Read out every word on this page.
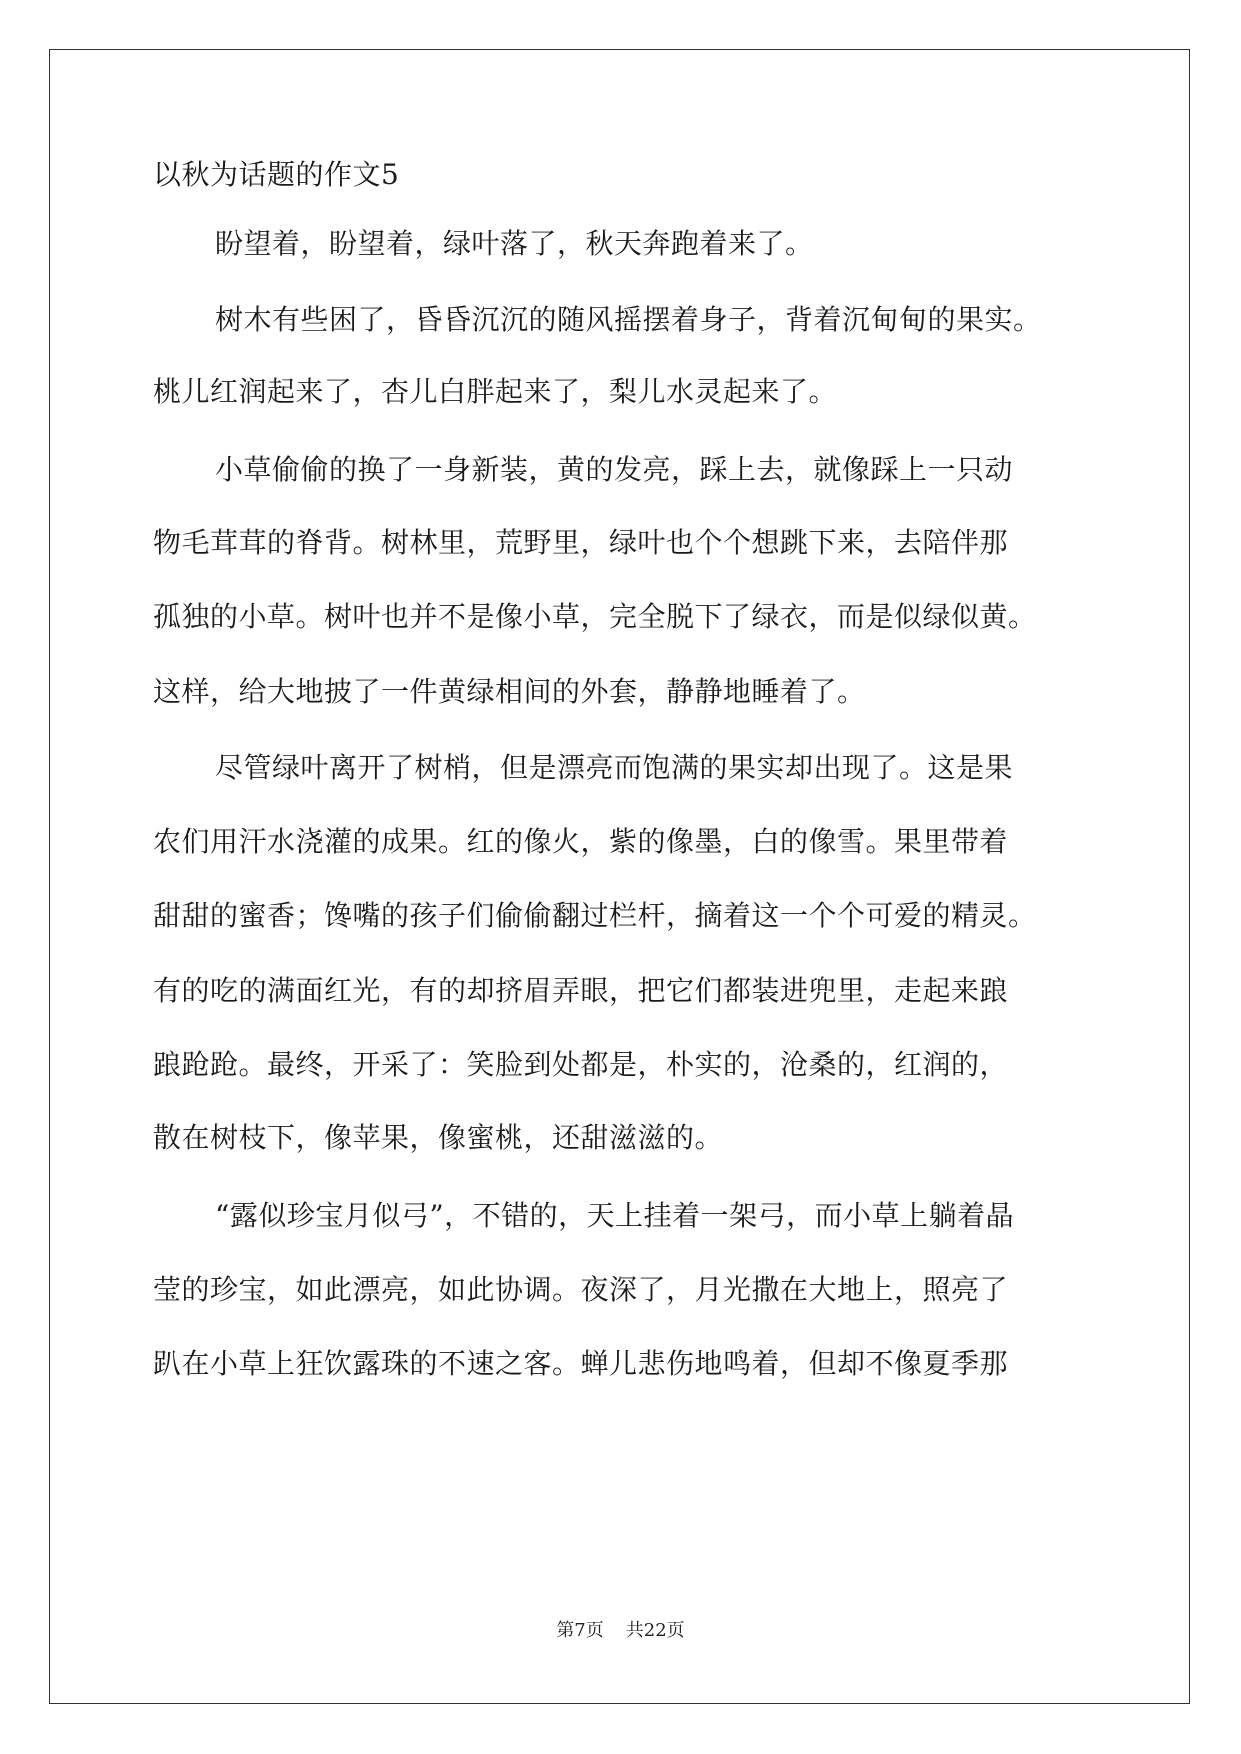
以秋为话题的作文5
盼望着，盼望着，绿叶落了，秋天奔跑着来了。
树木有些困了，昏昏沉沉的随风摇摆着身子，背着沉甸甸的果实。
桃儿红润起来了，杏儿白胖起来了，梨儿水灵起来了。
小草偷偷的换了一身新装，黄的发亮，踩上去，就像踩上一只动
物毛茸茸的脊背。树林里，荒野里，绿叶也个个想跳下来，去陪伴那
孤独的小草。树叶也并不是像小草，完全脱下了绿衣，而是似绿似黄。
这样，给大地披了一件黄绿相间的外套，静静地睡着了。
尽管绿叶离开了树梢，但是漂亮而饱满的果实却出现了。这是果
农们用汗水浇灌的成果。红的像火，紫的像墨，白的像雪。果里带着
甜甜的蜜香；馋嘴的孩子们偷偷翻过栏杆，摘着这一个个可爱的精灵。
有的吃的满面红光，有的却挤眉弄眼，把它们都装进兜里，走起来踉
踉跄跄。最终，开采了：笑脸到处都是，朴实的，沧桑的，红润的，
散在树枝下，像苹果，像蜜桃，还甜滋滋的。
“露似珍宝月似弓”，不错的，天上挂着一架弓，而小草上躺着晶
莹的珍宝，如此漂亮，如此协调。夜深了，月光撒在大地上，照亮了
趴在小草上狂饮露珠的不速之客。蝉儿悲伤地鸣着，但却不像夏季那
第7页 共22页
